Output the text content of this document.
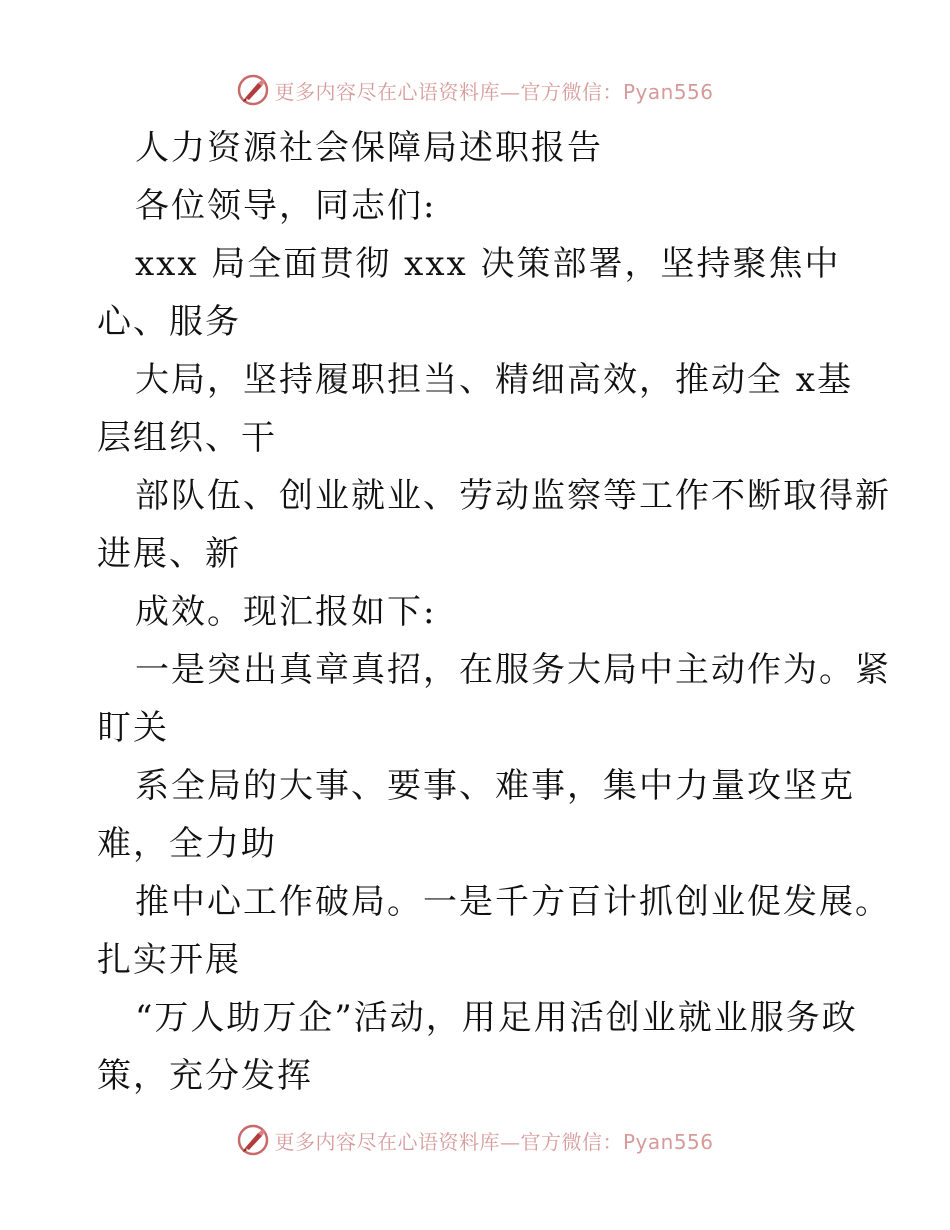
更多内容尽在心语资料库—官方微信：Pyan556
人力资源社会保障局述职报告
各位领导，同志们:
xxx 局全面贯彻 xxx 决策部署，坚持聚焦中
心、服务
大局，坚持履职担当、精细高效，推动全 x基
层组织、干
部队伍、创业就业、劳动监察等工作不断取得新
进展、新
成效。现汇报如下:
一是突出真章真招，在服务大局中主动作为。紧
盯关
系全局的大事、要事、难事，集中力量攻坚克
难，全力助
推中心工作破局。一是千方百计抓创业促发展。
扎实开展
“万人助万企”活动，用足用活创业就业服务政
策，充分发挥
更多内容尽在心语资料库—官方微信：Pyan556
